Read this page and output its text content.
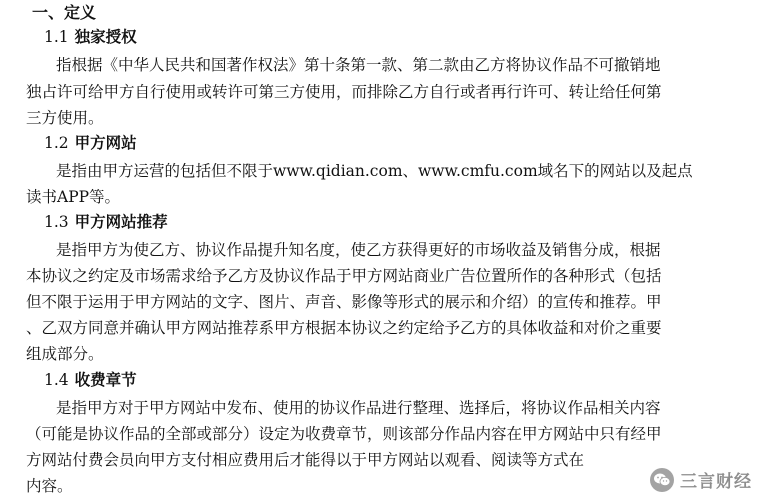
一、定义
1.1 独家授权
指根据《中华人民共和国著作权法》第十条第一款、第二款由乙方将协议作品不可撤销地
独占许可给甲方自行使用或转许可第三方使用，而排除乙方自行或者再行许可、转让给任何第
三方使用。
1.2 甲方网站
是指由甲方运营的包括但不限于www.qidian.com、www.cmfu.com域名下的网站以及起点
读书APP等。
1.3 甲方网站推荐
是指甲方为使乙方、协议作品提升知名度，使乙方获得更好的市场收益及销售分成，根据
本协议之约定及市场需求给予乙方及协议作品于甲方网站商业广告位置所作的各种形式（包括
但不限于运用于甲方网站的文字、图片、声音、影像等形式的展示和介绍）的宣传和推荐。甲
、乙双方同意并确认甲方网站推荐系甲方根据本协议之约定给予乙方的具体收益和对价之重要
组成部分。
1.4 收费章节
是指甲方对于甲方网站中发布、使用的协议作品进行整理、选择后，将协议作品相关内容
（可能是协议作品的全部或部分）设定为收费章节，则该部分作品内容在甲方网站中只有经甲
方网站付费会员向甲方支付相应费用后才能得以于甲方网站以观看、阅读等方式在
内容。	三言财经
